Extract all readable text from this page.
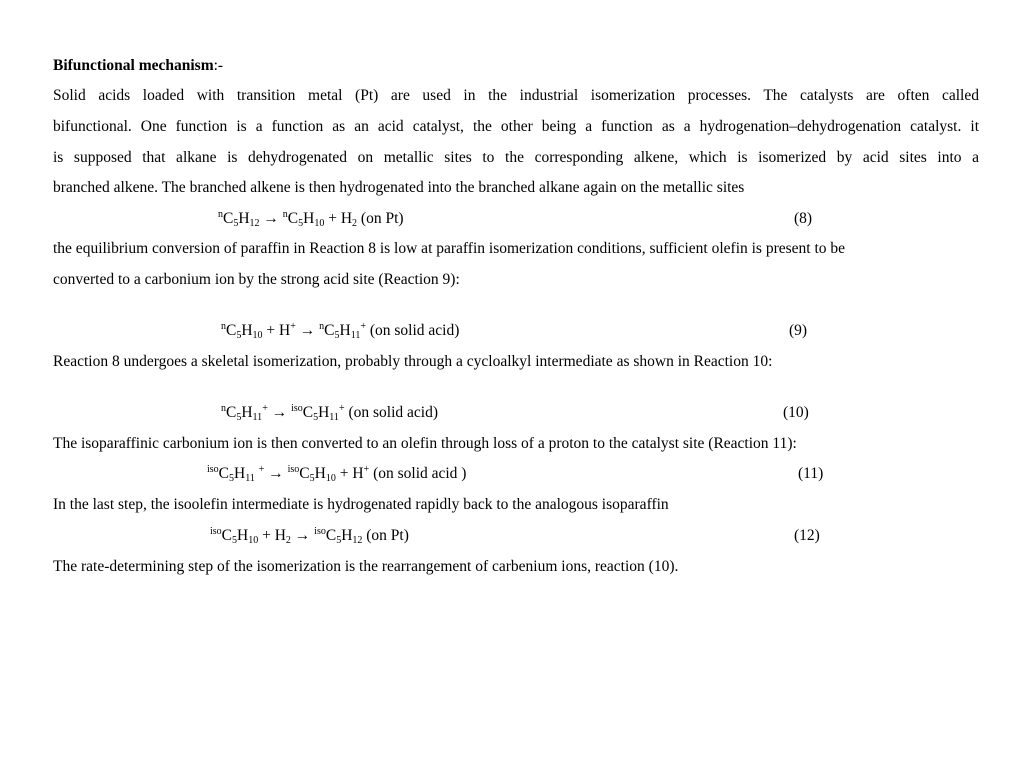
Bifunctional mechanism:-
Solid acids loaded with transition metal (Pt) are used in the industrial isomerization processes. The catalysts are often called
bifunctional. One function is a function as an acid catalyst, the other being a function as a hydrogenation–dehydrogenation catalyst. it
is supposed that alkane is dehydrogenated on metallic sites to the corresponding alkene, which is isomerized by acid sites into a
branched alkene. The branched alkene is then hydrogenated into the branched alkane again on the metallic sites
$^nC_5H_{12} \to ^nC_5H_{10} + H_2$ (on Pt)	(8)
the equilibrium conversion of paraffin in Reaction 8 is low at paraffin isomerization conditions, sufficient olefin is present to be
converted to a carbonium ion by the strong acid site (Reaction 9):
$^nC_5H_{10} + H^+ \to ^nC_5H_{11}^+$ (on solid acid)	(9)
Reaction 8 undergoes a skeletal isomerization, probably through a cycloalkyl intermediate as shown in Reaction 10:
$^nC_5H_{11}^+ \to ^{iso}C_5H_{11}^+$ (on solid acid)	(10)
The isoparaffinic carbonium ion is then converted to an olefin through loss of a proton to the catalyst site (Reaction 11):
$^{iso}C_5H_{11}$ $^+ \to ^{iso}C_5H_{10} + H^+$ (on solid acid )	(11)
In the last step, the isoolefin intermediate is hydrogenated rapidly back to the analogous isoparaffin
$^{iso}C_5H_{10} + H_2 \to ^{iso}C_5H_{12}$ (on Pt)	(12)
The rate-determining step of the isomerization is the rearrangement of carbenium ions, reaction (10).
